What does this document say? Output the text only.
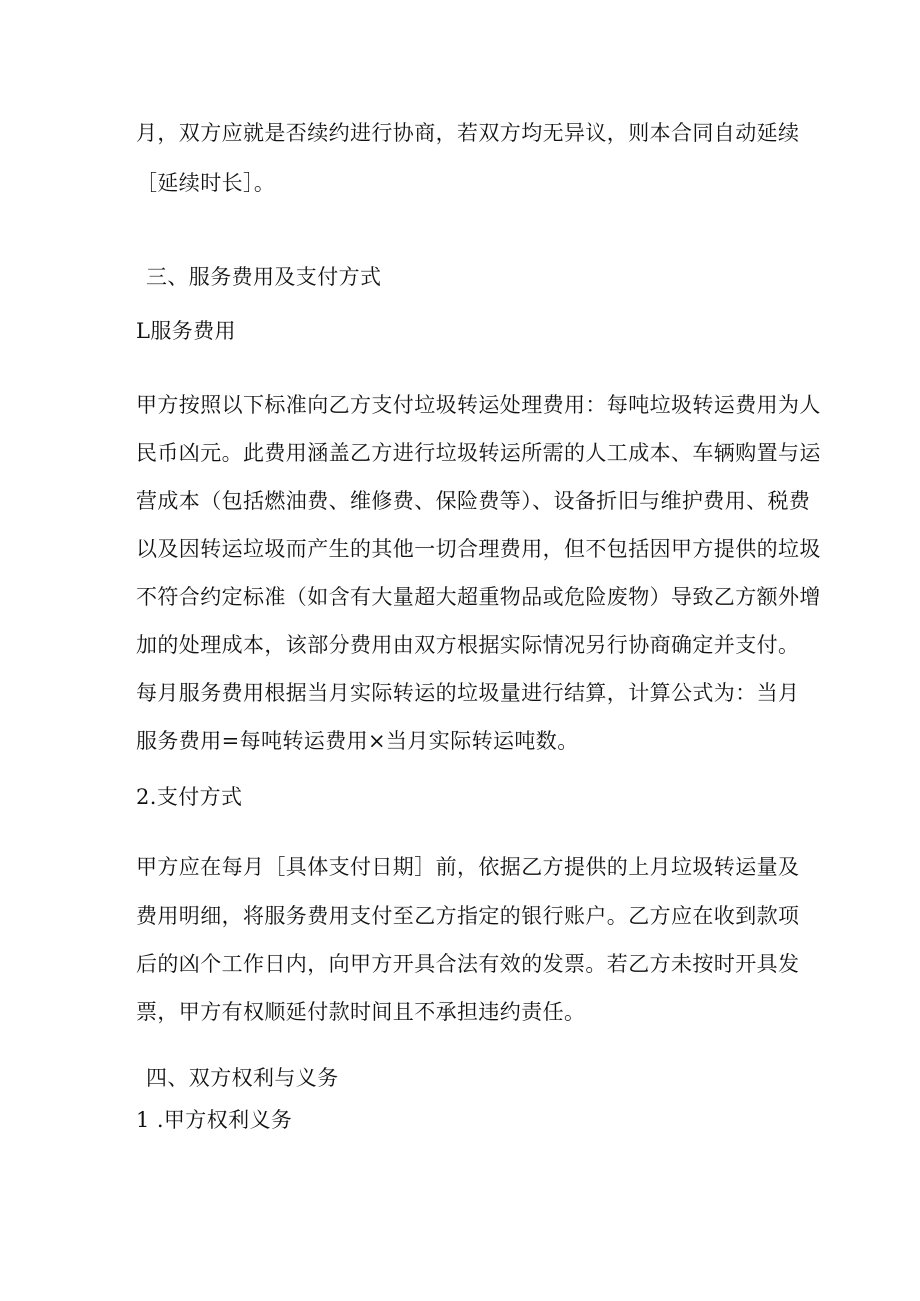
月，双方应就是否续约进行协商，若双方均无异议，则本合同自动延续
［延续时长］。
三、服务费用及支付方式
L服务费用
甲方按照以下标准向乙方支付垃圾转运处理费用：每吨垃圾转运费用为人
民币凶元。此费用涵盖乙方进行垃圾转运所需的人工成本、车辆购置与运
营成本（包括燃油费、维修费、保险费等）、设备折旧与维护费用、税费
以及因转运垃圾而产生的其他一切合理费用，但不包括因甲方提供的垃圾
不符合约定标准（如含有大量超大超重物品或危险废物）导致乙方额外增
加的处理成本，该部分费用由双方根据实际情况另行协商确定并支付。
每月服务费用根据当月实际转运的垃圾量进行结算，计算公式为：当月
服务费用=每吨转运费用×当月实际转运吨数。
2.支付方式
甲方应在每月［具体支付日期］前，依据乙方提供的上月垃圾转运量及
费用明细，将服务费用支付至乙方指定的银行账户。乙方应在收到款项
后的凶个工作日内，向甲方开具合法有效的发票。若乙方未按时开具发
票，甲方有权顺延付款时间且不承担违约责任。
四、双方权利与义务
1 .甲方权利义务
